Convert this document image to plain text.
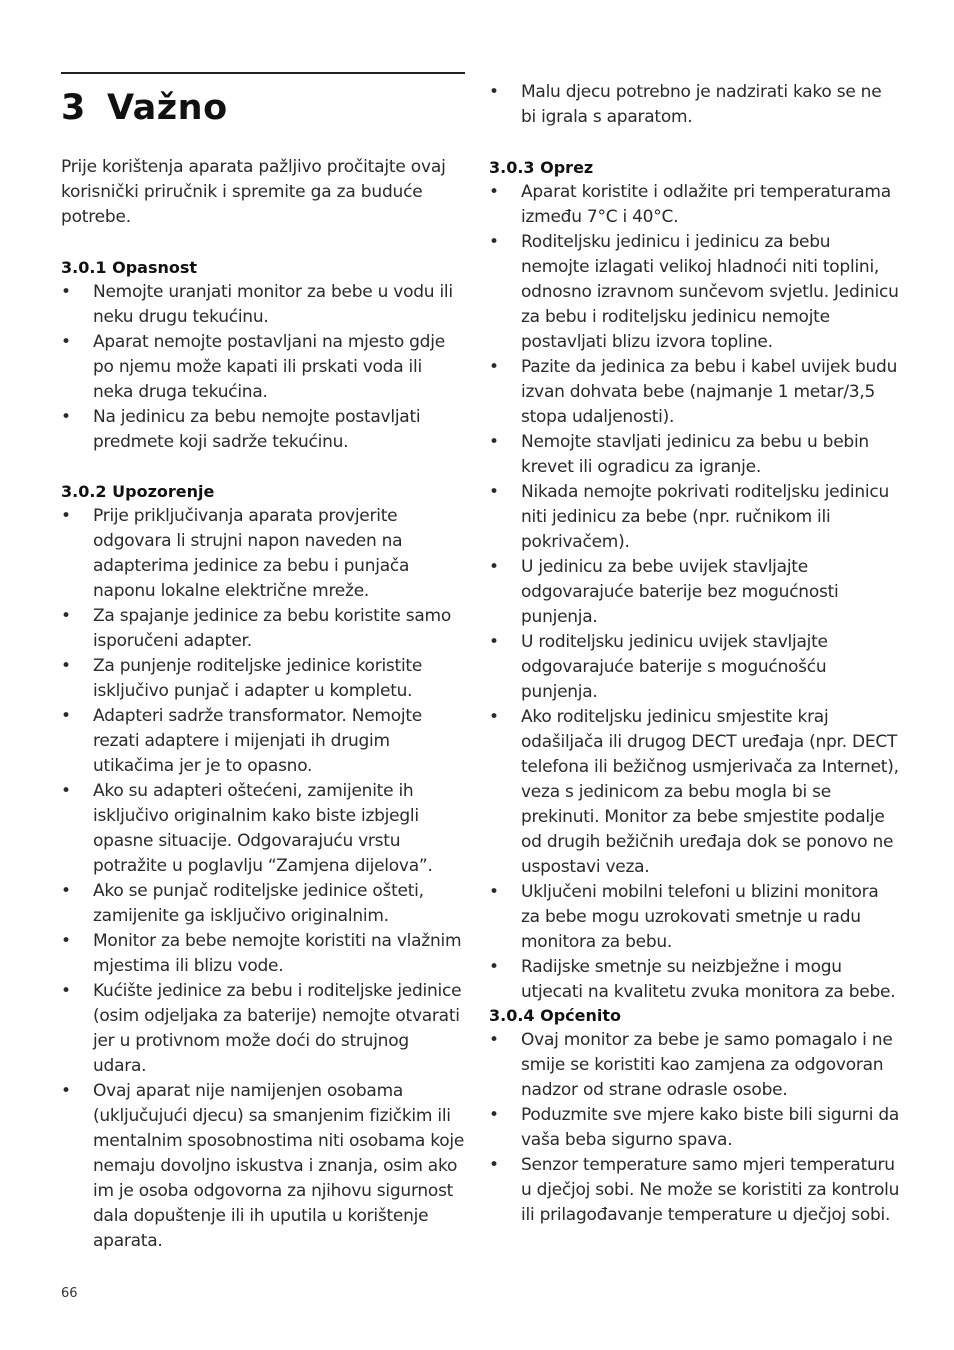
3 Važno

Prije korištenja aparata pažljivo pročitajte ovaj korisnički priručnik i spremite ga za buduće potrebe.

3.0.1 Opasnost
• Nemojte uranjati monitor za bebe u vodu ili neku drugu tekućinu.
• Aparat nemojte postavljani na mjesto gdje po njemu može kapati ili prskati voda ili neka druga tekućina.
• Na jedinicu za bebu nemojte postavljati predmete koji sadrže tekućinu.
3.0.2 Upozorenje
• Prije priključivanja aparata provjerite odgovara li strujni napon naveden na adapterima jedinice za bebu i punjača naponu lokalne električne mreže.
• Za spajanje jedinice za bebu koristite samo isporučeni adapter.
• Za punjenje roditeljske jedinice koristite isključivo punjač i adapter u kompletu.
• Adapteri sadrže transformator. Nemojte rezati adaptere i mijenjati ih drugim utikačima jer je to opasno.
• Ako su adapteri oštećeni, zamijenite ih isključivo originalnim kako biste izbjegli opasne situacije. Odgovarajuću vrstu potražite u poglavlju “Zamjena dijelova”.
• Ako se punjač roditeljske jedinice ošteti, zamijenite ga isključivo originalnim.
• Monitor za bebe nemojte koristiti na vlažnim mjestima ili blizu vode.
• Kućište jedinice za bebu i roditeljske jedinice (osim odjeljaka za baterije) nemojte otvarati jer u protivnom može doći do strujnog udara.
• Ovaj aparat nije namijenjen osobama (uključujući djecu) sa smanjenim fizičkim ili mentalnim sposobnostima niti osobama koje nemaju dovoljno iskustva i znanja, osim ako im je osoba odgovorna za njihovu sigurnost dala dopuštenje ili ih uputila u korištenje aparata.
• Malu djecu potrebno je nadzirati kako se ne bi igrala s aparatom.
3.0.3 Oprez
• Aparat koristite i odlažite pri temperaturama između 7°C i 40°C.
• Roditeljsku jedinicu i jedinicu za bebu nemojte izlagati velikoj hladnoći niti toplini, odnosno izravnom sunčevom svjetlu. Jedinicu za bebu i roditeljsku jedinicu nemojte postavljati blizu izvora topline.
• Pazite da jedinica za bebu i kabel uvijek budu izvan dohvata bebe (najmanje 1 metar/3,5 stopa udaljenosti).
• Nemojte stavljati jedinicu za bebu u bebin krevet ili ogradicu za igranje.
• Nikada nemojte pokrivati roditeljsku jedinicu niti jedinicu za bebe (npr. ručnikom ili pokrivačem).
• U jedinicu za bebe uvijek stavljajte odgovarajuće baterije bez mogućnosti punjenja.
• U roditeljsku jedinicu uvijek stavljajte odgovarajuće baterije s mogućnošću punjenja.
• Ako roditeljsku jedinicu smjestite kraj odašiljača ili drugog DECT uređaja (npr. DECT telefona ili bežičnog usmjerivača za Internet), veza s jedinicom za bebu mogla bi se prekinuti. Monitor za bebe smjestite podalje od drugih bežičnih uređaja dok se ponovo ne uspostavi veza.
• Uključeni mobilni telefoni u blizini monitora za bebe mogu uzrokovati smetnje u radu monitora za bebu.
• Radijske smetnje su neizbježne i mogu utjecati na kvalitetu zvuka monitora za bebe.
3.0.4 Općenito
• Ovaj monitor za bebe je samo pomagalo i ne smije se koristiti kao zamjena za odgovoran nadzor od strane odrasle osobe.
• Poduzmite sve mjere kako biste bili sigurni da vaša beba sigurno spava.
• Senzor temperature samo mjeri temperaturu u dječjoj sobi. Ne može se koristiti za kontrolu ili prilagođavanje temperature u dječjoj sobi.

66
